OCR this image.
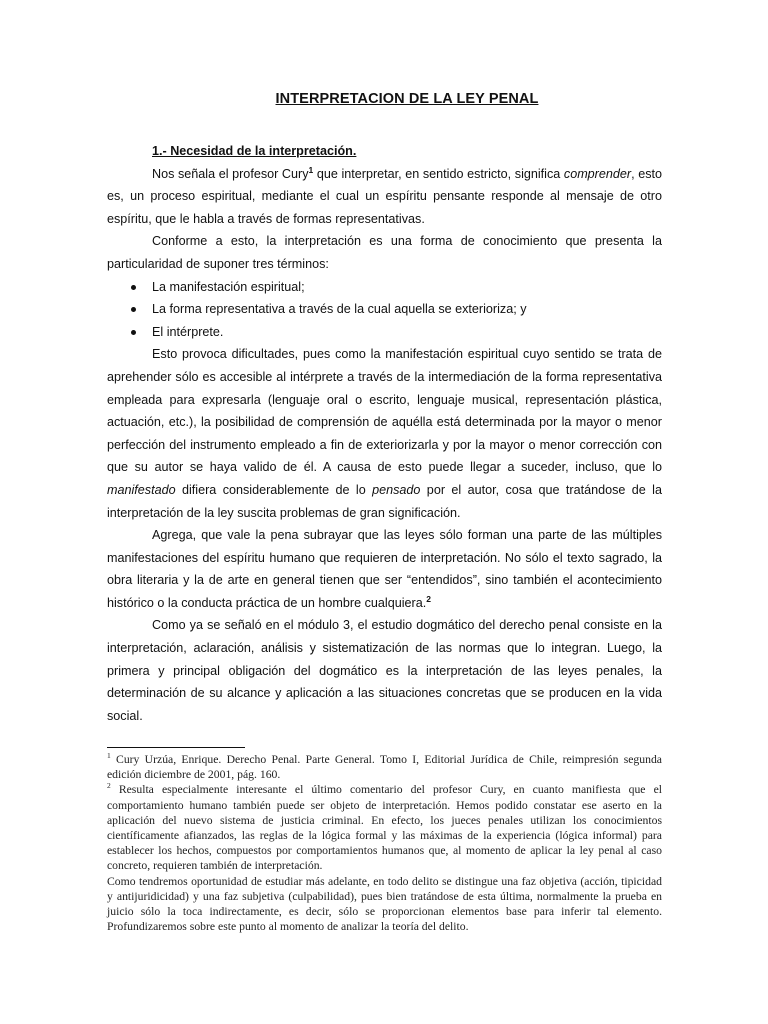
INTERPRETACION DE LA LEY PENAL
1.- Necesidad de la interpretación.

Nos señala el profesor Cury$^1$ que interpretar, en sentido estricto, significa comprender, esto es, un proceso espiritual, mediante el cual un espíritu pensante responde al mensaje de otro espíritu, que le habla a través de formas representativas.

Conforme a esto, la interpretación es una forma de conocimiento que presenta la particularidad de suponer tres términos:

La manifestación espiritual;
La forma representativa a través de la cual aquella se exterioriza; y
El intérprete.

Esto provoca dificultades, pues como la manifestación espiritual cuyo sentido se trata de aprehender sólo es accesible al intérprete a través de la intermediación de la forma representativa empleada para expresarla (lenguaje oral o escrito, lenguaje musical, representación plástica, actuación, etc.), la posibilidad de comprensión de aquélla está determinada por la mayor o menor perfección del instrumento empleado a fin de exteriorizarla y por la mayor o menor corrección con que su autor se haya valido de él. A causa de esto puede llegar a suceder, incluso, que lo manifestado difiera considerablemente de lo pensado por el autor, cosa que tratándose de la interpretación de la ley suscita problemas de gran significación.

Agrega, que vale la pena subrayar que las leyes sólo forman una parte de las múltiples manifestaciones del espíritu humano que requieren de interpretación. No sólo el texto sagrado, la obra literaria y la de arte en general tienen que ser “entendidos”, sino también el acontecimiento histórico o la conducta práctica de un hombre cualquiera.$^2$

Como ya se señaló en el módulo 3, el estudio dogmático del derecho penal consiste en la interpretación, aclaración, análisis y sistematización de las normas que lo integran. Luego, la primera y principal obligación del dogmático es la interpretación de las leyes penales, la determinación de su alcance y aplicación a las situaciones concretas que se producen en la vida social.

$^1$ Cury Urzúa, Enrique. Derecho Penal. Parte General. Tomo I, Editorial Jurídica de Chile, reimpresión segunda edición diciembre de 2001, pág. 160.

$^2$ Resulta especialmente interesante el último comentario del profesor Cury, en cuanto manifiesta que el comportamiento humano también puede ser objeto de interpretación. Hemos podido constatar ese aserto en la aplicación del nuevo sistema de justicia criminal. En efecto, los jueces penales utilizan los conocimientos científicamente afianzados, las reglas de la lógica formal y las máximas de la experiencia (lógica informal) para establecer los hechos, compuestos por comportamientos humanos que, al momento de aplicar la ley penal al caso concreto, requieren también de interpretación.

Como tendremos oportunidad de estudiar más adelante, en todo delito se distingue una faz objetiva (acción, tipicidad y antijuridicidad) y una faz subjetiva (culpabilidad), pues bien tratándose de esta última, normalmente la prueba en juicio sólo la toca indirectamente, es decir, sólo se proporcionan elementos base para inferir tal elemento. Profundizaremos sobre este punto al momento de analizar la teoría del delito.
